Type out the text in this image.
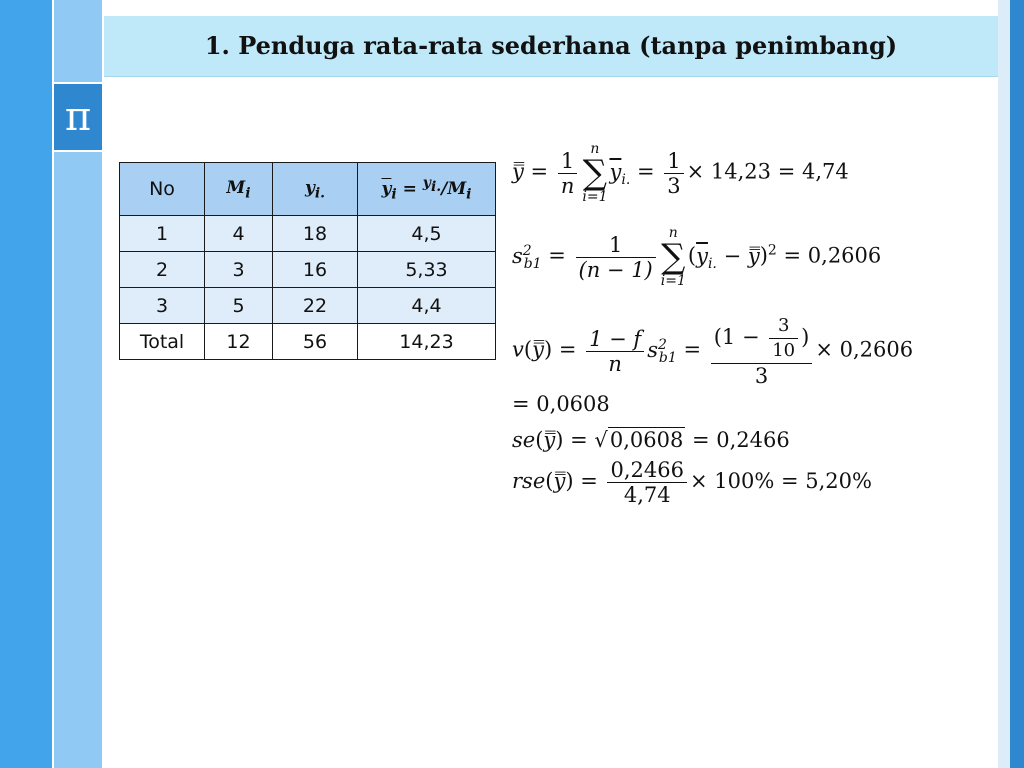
π
1. Penduga rata-rata sederhana (tanpa penimbang)
No	$M_i$	$y_{i.}$	$\overline{y}_i = ^{y_{i.}}/M_i$
1	4	18	4,5
2	3	16	5,33
3	5	22	4,4
Total	12	56	14,23
y̿ = $\frac{1}{n}$ n
∑
i=1
$\overline{y}_{i.} = \frac{1}{3} \times 14,23 = 4,74$
$s^2_{b1} = \frac{1}{(n - 1)}$ n
∑
i=1
($\overline{y}_{i.}$ − y̿)$^2$ = 0,2606
v(y̿) = $\frac{1 - f}{n} s^2_{b1} = \frac{(1 - \frac{3}{10} )}{3} \times 0,2606$
= 0,0608
se(y̿) = √0,0608 = 0,2466
rse(y̿) = $\frac{0,2466}{4,74} \times 100\% = 5,20\%$
